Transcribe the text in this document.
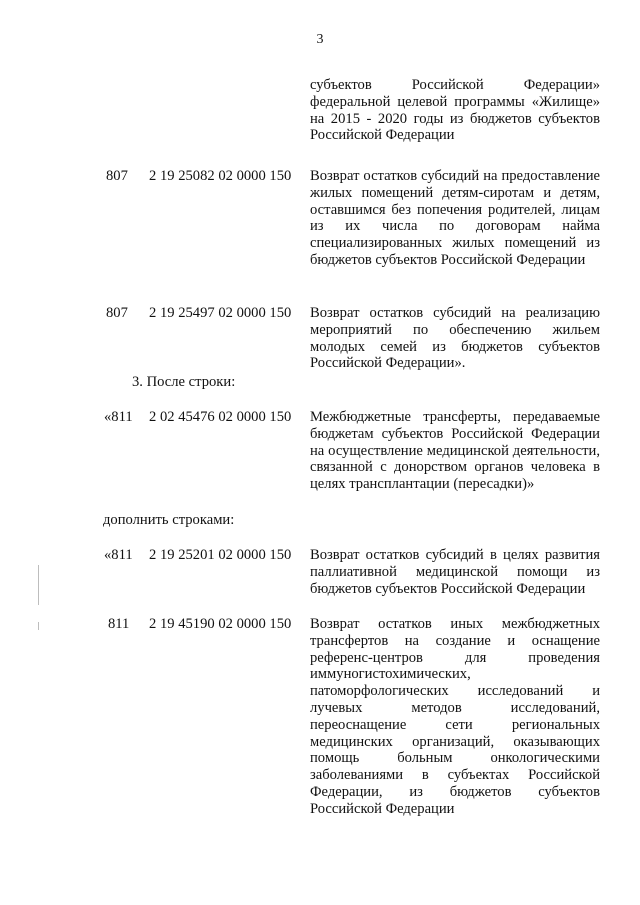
3
субъектов Российской Федерации» федеральной целевой программы «Жилище» на 2015 - 2020 годы из бюджетов субъектов Российской Федерации
807 2 19 25082 02 0000 150 Возврат остатков субсидий на предоставление жилых помещений детям-сиротам и детям, оставшимся без попечения родителей, лицам из их числа по договорам найма специализированных жилых помещений из бюджетов субъектов Российской Федерации
807 2 19 25497 02 0000 150 Возврат остатков субсидий на реализацию мероприятий по обеспечению жильем молодых семей из бюджетов субъектов Российской Федерации».
3. После строки:
«811 2 02 45476 02 0000 150 Межбюджетные трансферты, передаваемые бюджетам субъектов Российской Федерации на осуществление медицинской деятельности, связанной с донорством органов человека в целях трансплантации (пересадки)»
дополнить строками:
«811 2 19 25201 02 0000 150 Возврат остатков субсидий в целях развития паллиативной медицинской помощи из бюджетов субъектов Российской Федерации
811 2 19 45190 02 0000 150 Возврат остатков иных межбюджетных трансфертов на создание и оснащение референс-центров для проведения иммуногистохимических, патоморфологических исследований и лучевых методов исследований, переоснащение сети региональных медицинских организаций, оказывающих помощь больным онкологическими заболеваниями в субъектах Российской Федерации, из бюджетов субъектов Российской Федерации
